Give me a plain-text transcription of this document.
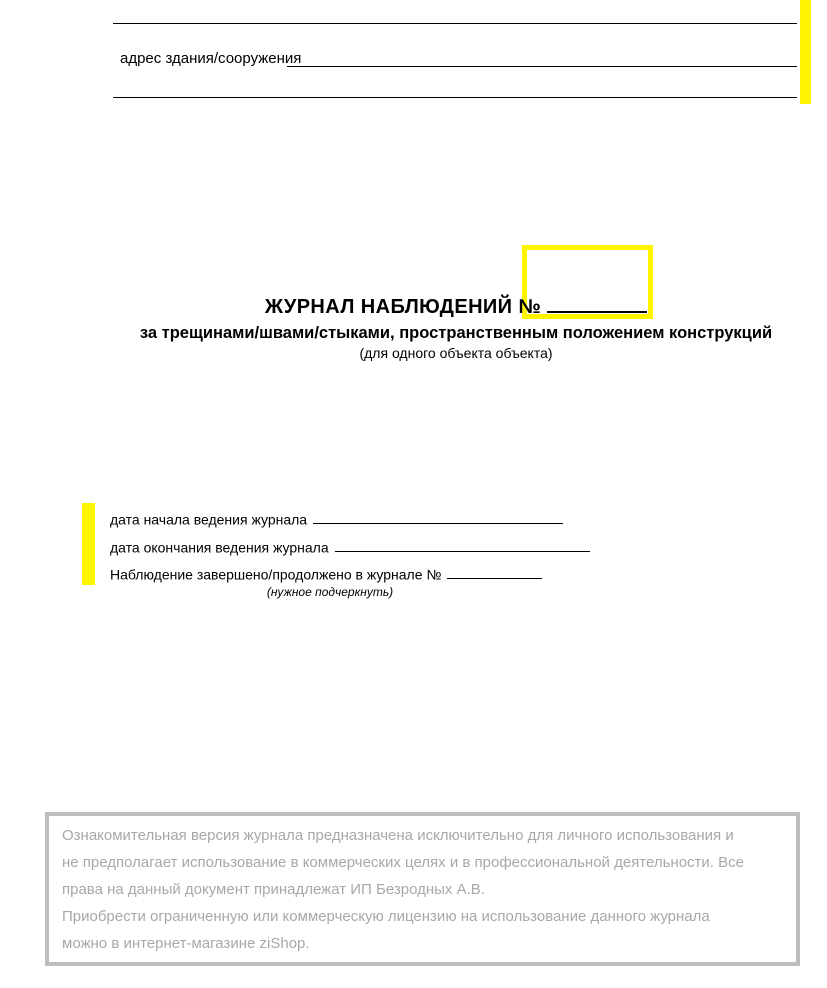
адрес здания/сооружения
ЖУРНАЛ НАБЛЮДЕНИЙ №
за трещинами/швами/стыками, пространственным положением конструкций
(для одного объекта объекта)
дата начала ведения журнала
дата окончания ведения журнала
Наблюдение завершено/продолжено в журнале №
(нужное подчеркнуть)
Ознакомительная версия журнала предназначена исключительно для личного использования и
не предполагает использование в коммерческих целях и в профессиональной деятельности. Все
права на данный документ принадлежат ИП Безродных А.В.
Приобрести ограниченную или коммерческую лицензию на использование данного журнала
можно в интернет-магазине ziShop.
